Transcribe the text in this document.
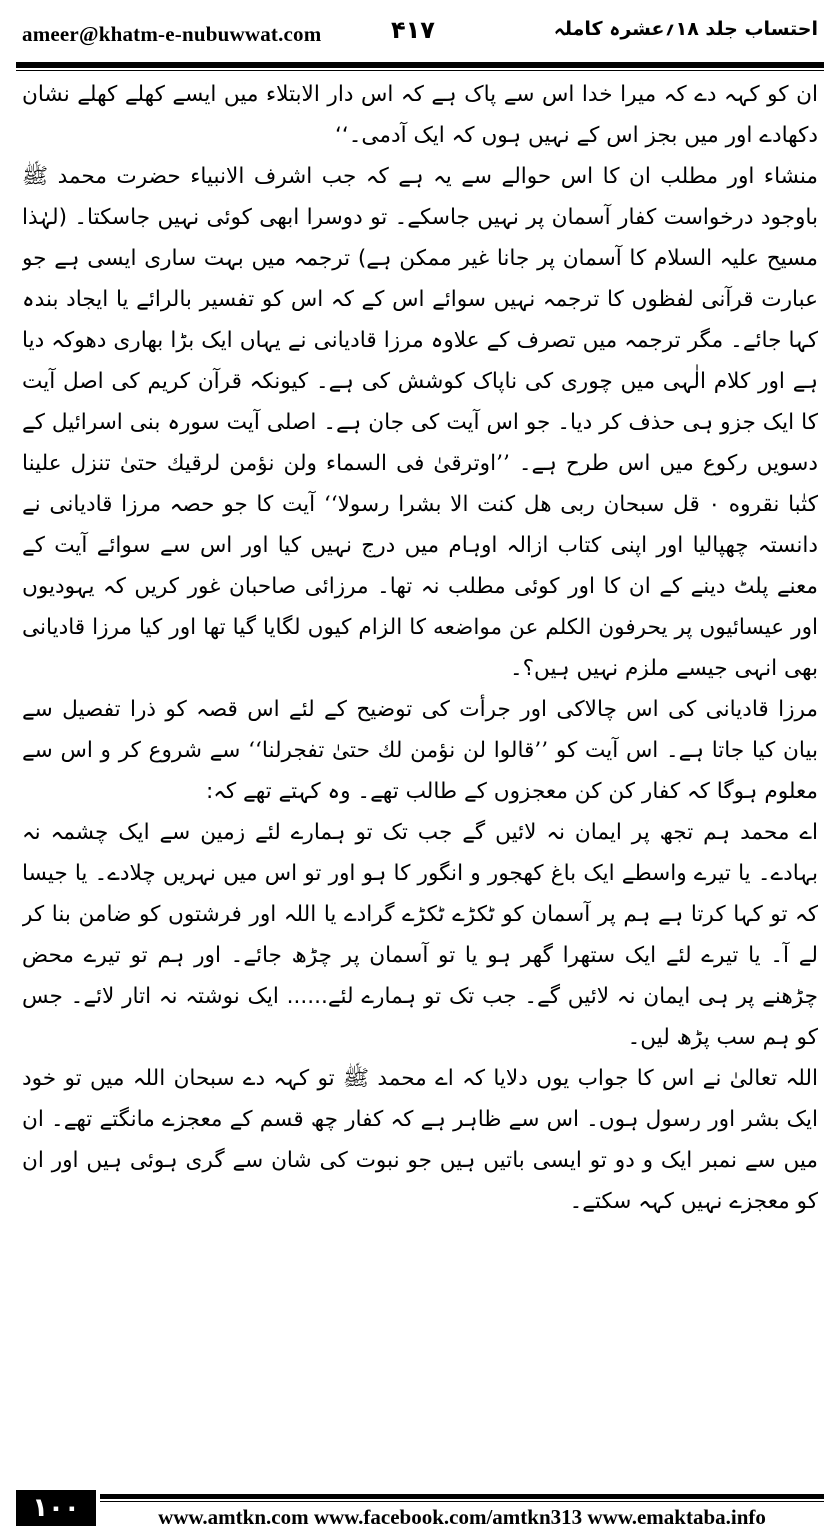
ameer@khatm-e-nubuwwat.com	۴۱۷	احتساب جلد ۱۸؍عشرہ کاملہ

ان کو کہہ دے کہ میرا خدا اس سے پاک ہے کہ اس دار الابتلاء میں ایسے کھلے کھلے نشان دکھادے اور میں بجز اس کے نہیں ہوں کہ ایک آدمی۔‘‘

منشاء اور مطلب ان کا اس حوالے سے یہ ہے کہ جب اشرف الانبیاء حضرت محمد ﷺ باوجود درخواست کفار آسمان پر نہیں جاسکے۔ تو دوسرا ابھی کوئی نہیں جاسکتا۔ (لہٰذا مسیح علیہ السلام کا آسمان پر جانا غیر ممکن ہے) ترجمہ میں بہت ساری ایسی ہے جو عبارت قرآنی لفظوں کا ترجمہ نہیں سوائے اس کے کہ اس کو تفسیر بالرائے یا ایجاد بندہ کہا جائے۔ مگر ترجمہ میں تصرف کے علاوہ مرزا قادیانی نے یہاں ایک بڑا بھاری دھوکہ دیا ہے اور کلام الٰہی میں چوری کی ناپاک کوشش کی ہے۔ کیونکہ قرآن کریم کی اصل آیت کا ایک جزو ہی حذف کر دیا۔ جو اس آیت کی جان ہے۔ اصلی آیت سورہ بنی اسرائیل کے دسویں رکوع میں اس طرح ہے۔ ’’اوترقیٰ فی السماء ولن نؤمن لرقیك حتیٰ تنزل علینا کتٰبا نقروه ۰ قل سبحان ربی هل کنت الا بشرا رسولا‘‘ آیت کا جو حصہ مرزا قادیانی نے دانستہ چھپالیا اور اپنی کتاب ازالہ اوہام میں درج نہیں کیا اور اس سے سوائے آیت کے معنے پلٹ دینے کے ان کا اور کوئی مطلب نہ تھا۔ مرزائی صاحبان غور کریں کہ یہودیوں اور عیسائیوں پر یحرفون الکلم عن مواضعه کا الزام کیوں لگایا گیا تھا اور کیا مرزا قادیانی بھی انہی جیسے ملزم نہیں ہیں؟۔

مرزا قادیانی کی اس چالاکی اور جرأت کی توضیح کے لئے اس قصہ کو ذرا تفصیل سے بیان کیا جاتا ہے۔ اس آیت کو ’’قالوا لن نؤمن لك حتیٰ تفجرلنا‘‘ سے شروع کر و اس سے معلوم ہوگا کہ کفار کن کن معجزوں کے طالب تھے۔ وہ کہتے تھے کہ:

اے محمد ہم تجھ پر ایمان نہ لائیں گے جب تک تو ہمارے لئے زمین سے ایک چشمہ نہ بہادے۔ یا تیرے واسطے ایک باغ کھجور و انگور کا ہو اور تو اس میں نہریں چلادے۔ یا جیسا کہ تو کہا کرتا ہے ہم پر آسمان کو ٹکڑے ٹکڑے گرادے یا اللہ اور فرشتوں کو ضامن بنا کر لے آ۔ یا تیرے لئے ایک ستھرا گھر ہو یا تو آسمان پر چڑھ جائے۔ اور ہم تو تیرے محض چڑھنے پر ہی ایمان نہ لائیں گے۔ جب تک تو ہمارے لئے...... ایک نوشتہ نہ اتار لائے۔ جس کو ہم سب پڑھ لیں۔

اللہ تعالیٰ نے اس کا جواب یوں دلایا کہ اے محمد ﷺ تو کہہ دے سبحان اللہ میں تو خود ایک بشر اور رسول ہوں۔ اس سے ظاہر ہے کہ کفار چھ قسم کے معجزے مانگتے تھے۔ ان میں سے نمبر ایک و دو تو ایسی باتیں ہیں جو نبوت کی شان سے گری ہوئی ہیں اور ان کو معجزے نہیں کہہ سکتے۔

۱۰۰	www.amtkn.com www.facebook.com/amtkn313 www.emaktaba.info
